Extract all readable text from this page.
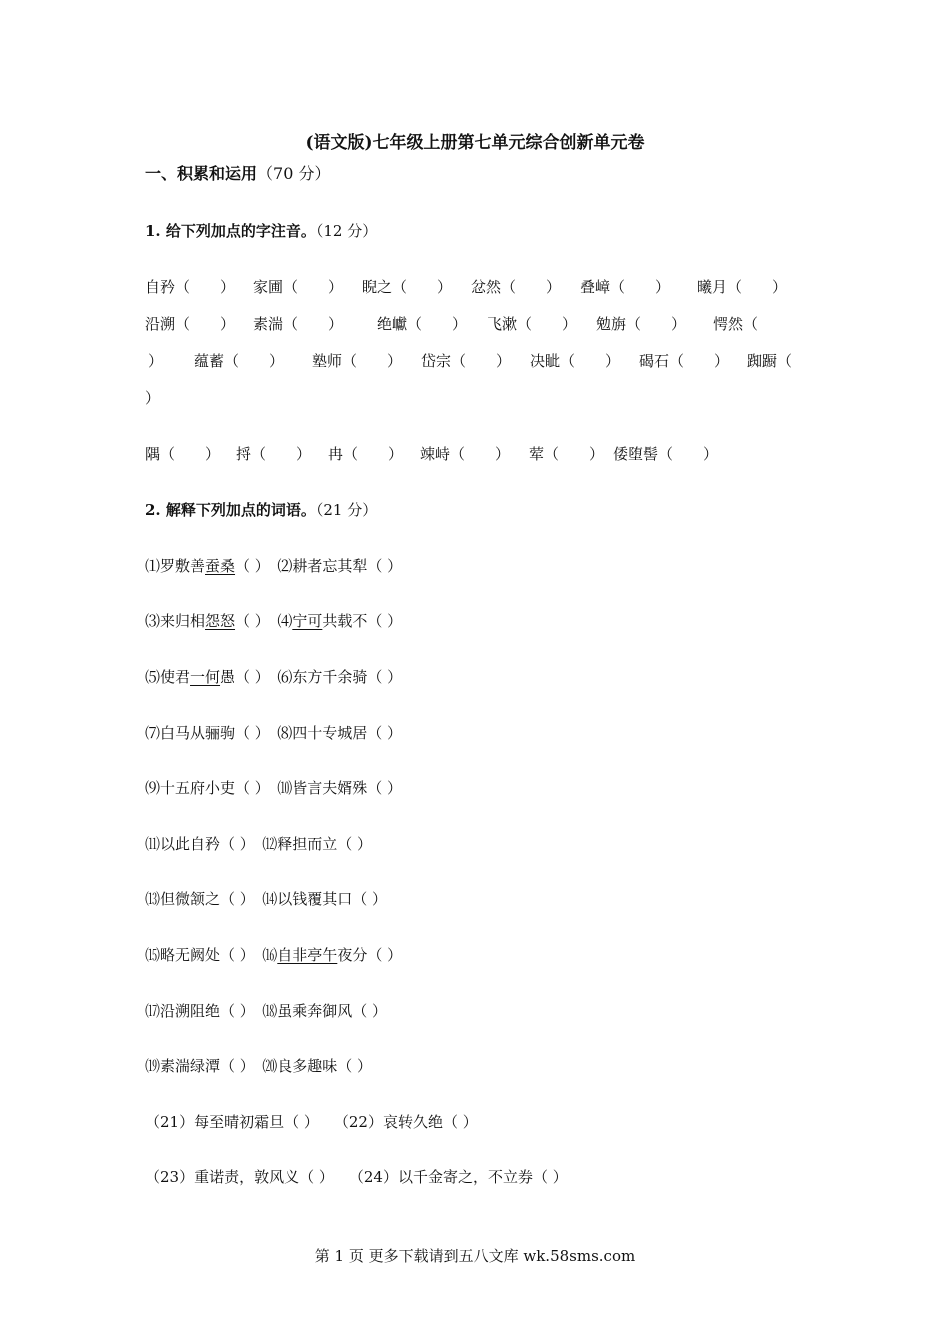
(语文版)七年级上册第七单元综合创新单元卷
一、积累和运用（70 分）
1. 给下列加点的字注音。（12 分）
自矜（　　） 家圃（　　） 睨之（　　） 忿然（　　） 叠嶂（　　） 曦月（　　）
沿溯（　　） 素湍（　　） 绝巘（　　） 飞漱（　　） 勉旃（　　） 愕然（
） 蕴蓄（　　） 塾师（　　） 岱宗（　　） 决眦（　　） 碣石（　　） 踟蹰（
）
隅（　　） 捋（　　） 冉（　　） 竦峙（　　） 荤（　　） 倭堕髻（　　）
2. 解释下列加点的词语。（21 分）
⑴罗敷善蚕桑（ ）  ⑵耕者忘其犁（ ）
⑶来归相怨怒（ ）  ⑷宁可共载不（ ）
⑸使君一何愚（ ）  ⑹东方千余骑（ ）
⑺白马从骊驹（ ）  ⑻四十专城居（ ）
⑼十五府小吏（ ）  ⑽皆言夫婿殊（ ）
⑾以此自矜（ ）  ⑿释担而立（ ）
⒀但微颔之（ ）  ⒁以钱覆其口（ ）
⒂略无阙处（ ）  ⒃自非亭午夜分（ ）
⒄沿溯阻绝（ ）  ⒅虽乘奔御风（ ）
⒆素湍绿潭（ ）  ⒇良多趣味（ ）
（21）每至晴初霜旦（ ）  （22）哀转久绝（ ）
（23）重诺责，敦风义（ ）  （24）以千金寄之，不立券（ ）
第 1 页 更多下载请到五八文库 wk.58sms.com
